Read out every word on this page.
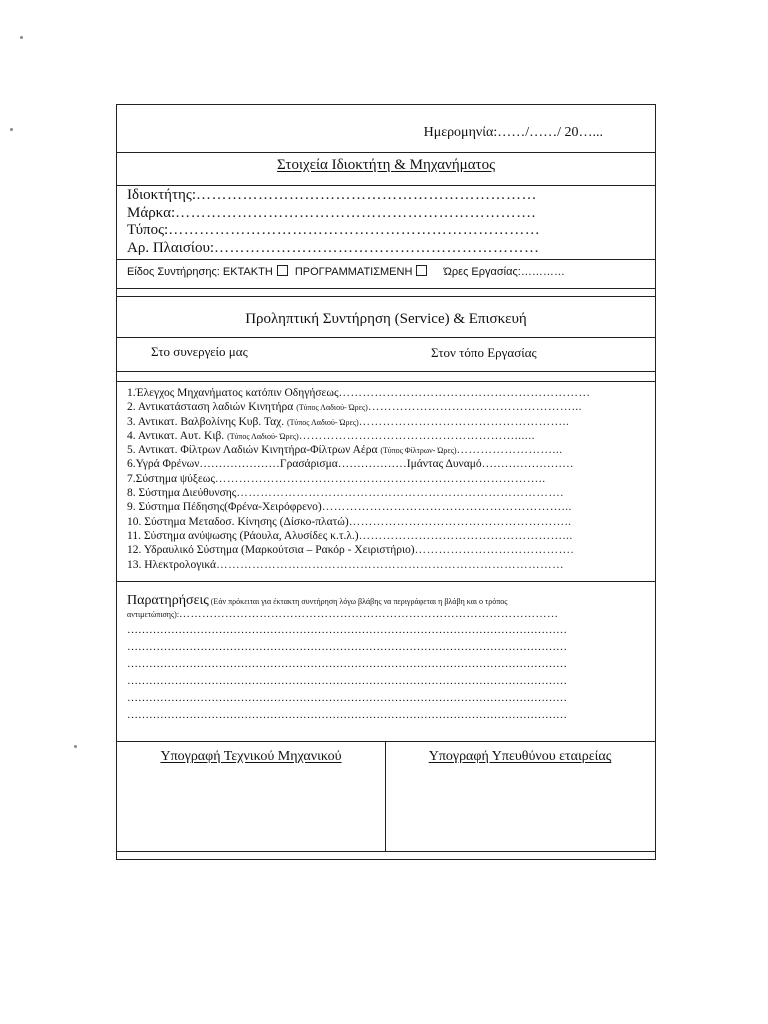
Ημερομηνία:……/……/ 20…...
Στοιχεία Ιδιοκτήτη & Μηχανήματος
Ιδιοκτήτης:…………………………………………………………
Μάρκα:…………………………………………………………….
Τύπος:………………………………………………………………
Αρ. Πλαισίου:………………………………………………………
Είδος Συντήρησης: ΕΚΤΑΚΤΗ ΠΡΟΓΡΑΜΜΑΤΙΣΜΕΝΗ	Ώρες Εργασίας:…………
Προληπτική Συντήρηση (Service) & Επισκευή
Στο συνεργείο μας	Στον τόπο Εργασίας
1.Έλεγχος Μηχανήματος κατόπιν Οδηγήσεως………………………………………………………
2. Αντικατάσταση λαδιών Κινητήρα (Τύπος Λαδιού- Ώρες)……………………………………………...
3. Αντικατ. Βαλβολίνης Κυβ. Ταχ. (Τύπος Λαδιού- Ώρες)……………………………………………..
4. Αντικατ. Αυτ. Κιβ. (Τύπος Λαδιού- Ώρες)………………………………………………......
5. Αντικατ. Φίλτρων Λαδιών Κινητήρα-Φίλτρων Αέρα (Τύπος Φίλτρων- Ώρες)……………………...
6.Υγρά Φρένων…………………Γρασάρισμα………………Ιμάντας Δυναμό……………………
7.Σύστημα ψύξεως………………………………………………………………………..
8. Σύστημα Διεύθυνσης……………………………………………………………………….
9. Σύστημα Πέδησης(Φρένα-Χειρόφρενο)……………………………………………………...
10. Σύστημα Μεταδοσ. Κίνησης (Δίσκο-πλατώ)………………………………………………..
11. Σύστημα ανύψωσης (Ράουλα, Αλυσίδες κ.τ.λ.)……………………………………………...
12. Υδραυλικό Σύστημα (Μαρκούτσια – Ρακόρ - Χειριστήριο)………………………………….
13. Ηλεκτρολογικά……………………………………………………………………………
Παρατηρήσεις (Εάν πρόκειται για έκτακτη συντήρηση λόγω βλάβης να περιγράφεται η βλάβη και ο τρόπος αντιμετώπισης):………………………………………………………………………………………
…………………………………………………………………………………………………………
…………………………………………………………………………………………………………
…………………………………………………………………………………………………………
…………………………………………………………………………………………………………
…………………………………………………………………………………………………………
…………………………………………………………………………………………………………
Υπογραφή Τεχνικού Μηχανικού	Υπογραφή Υπευθύνου εταιρείας
